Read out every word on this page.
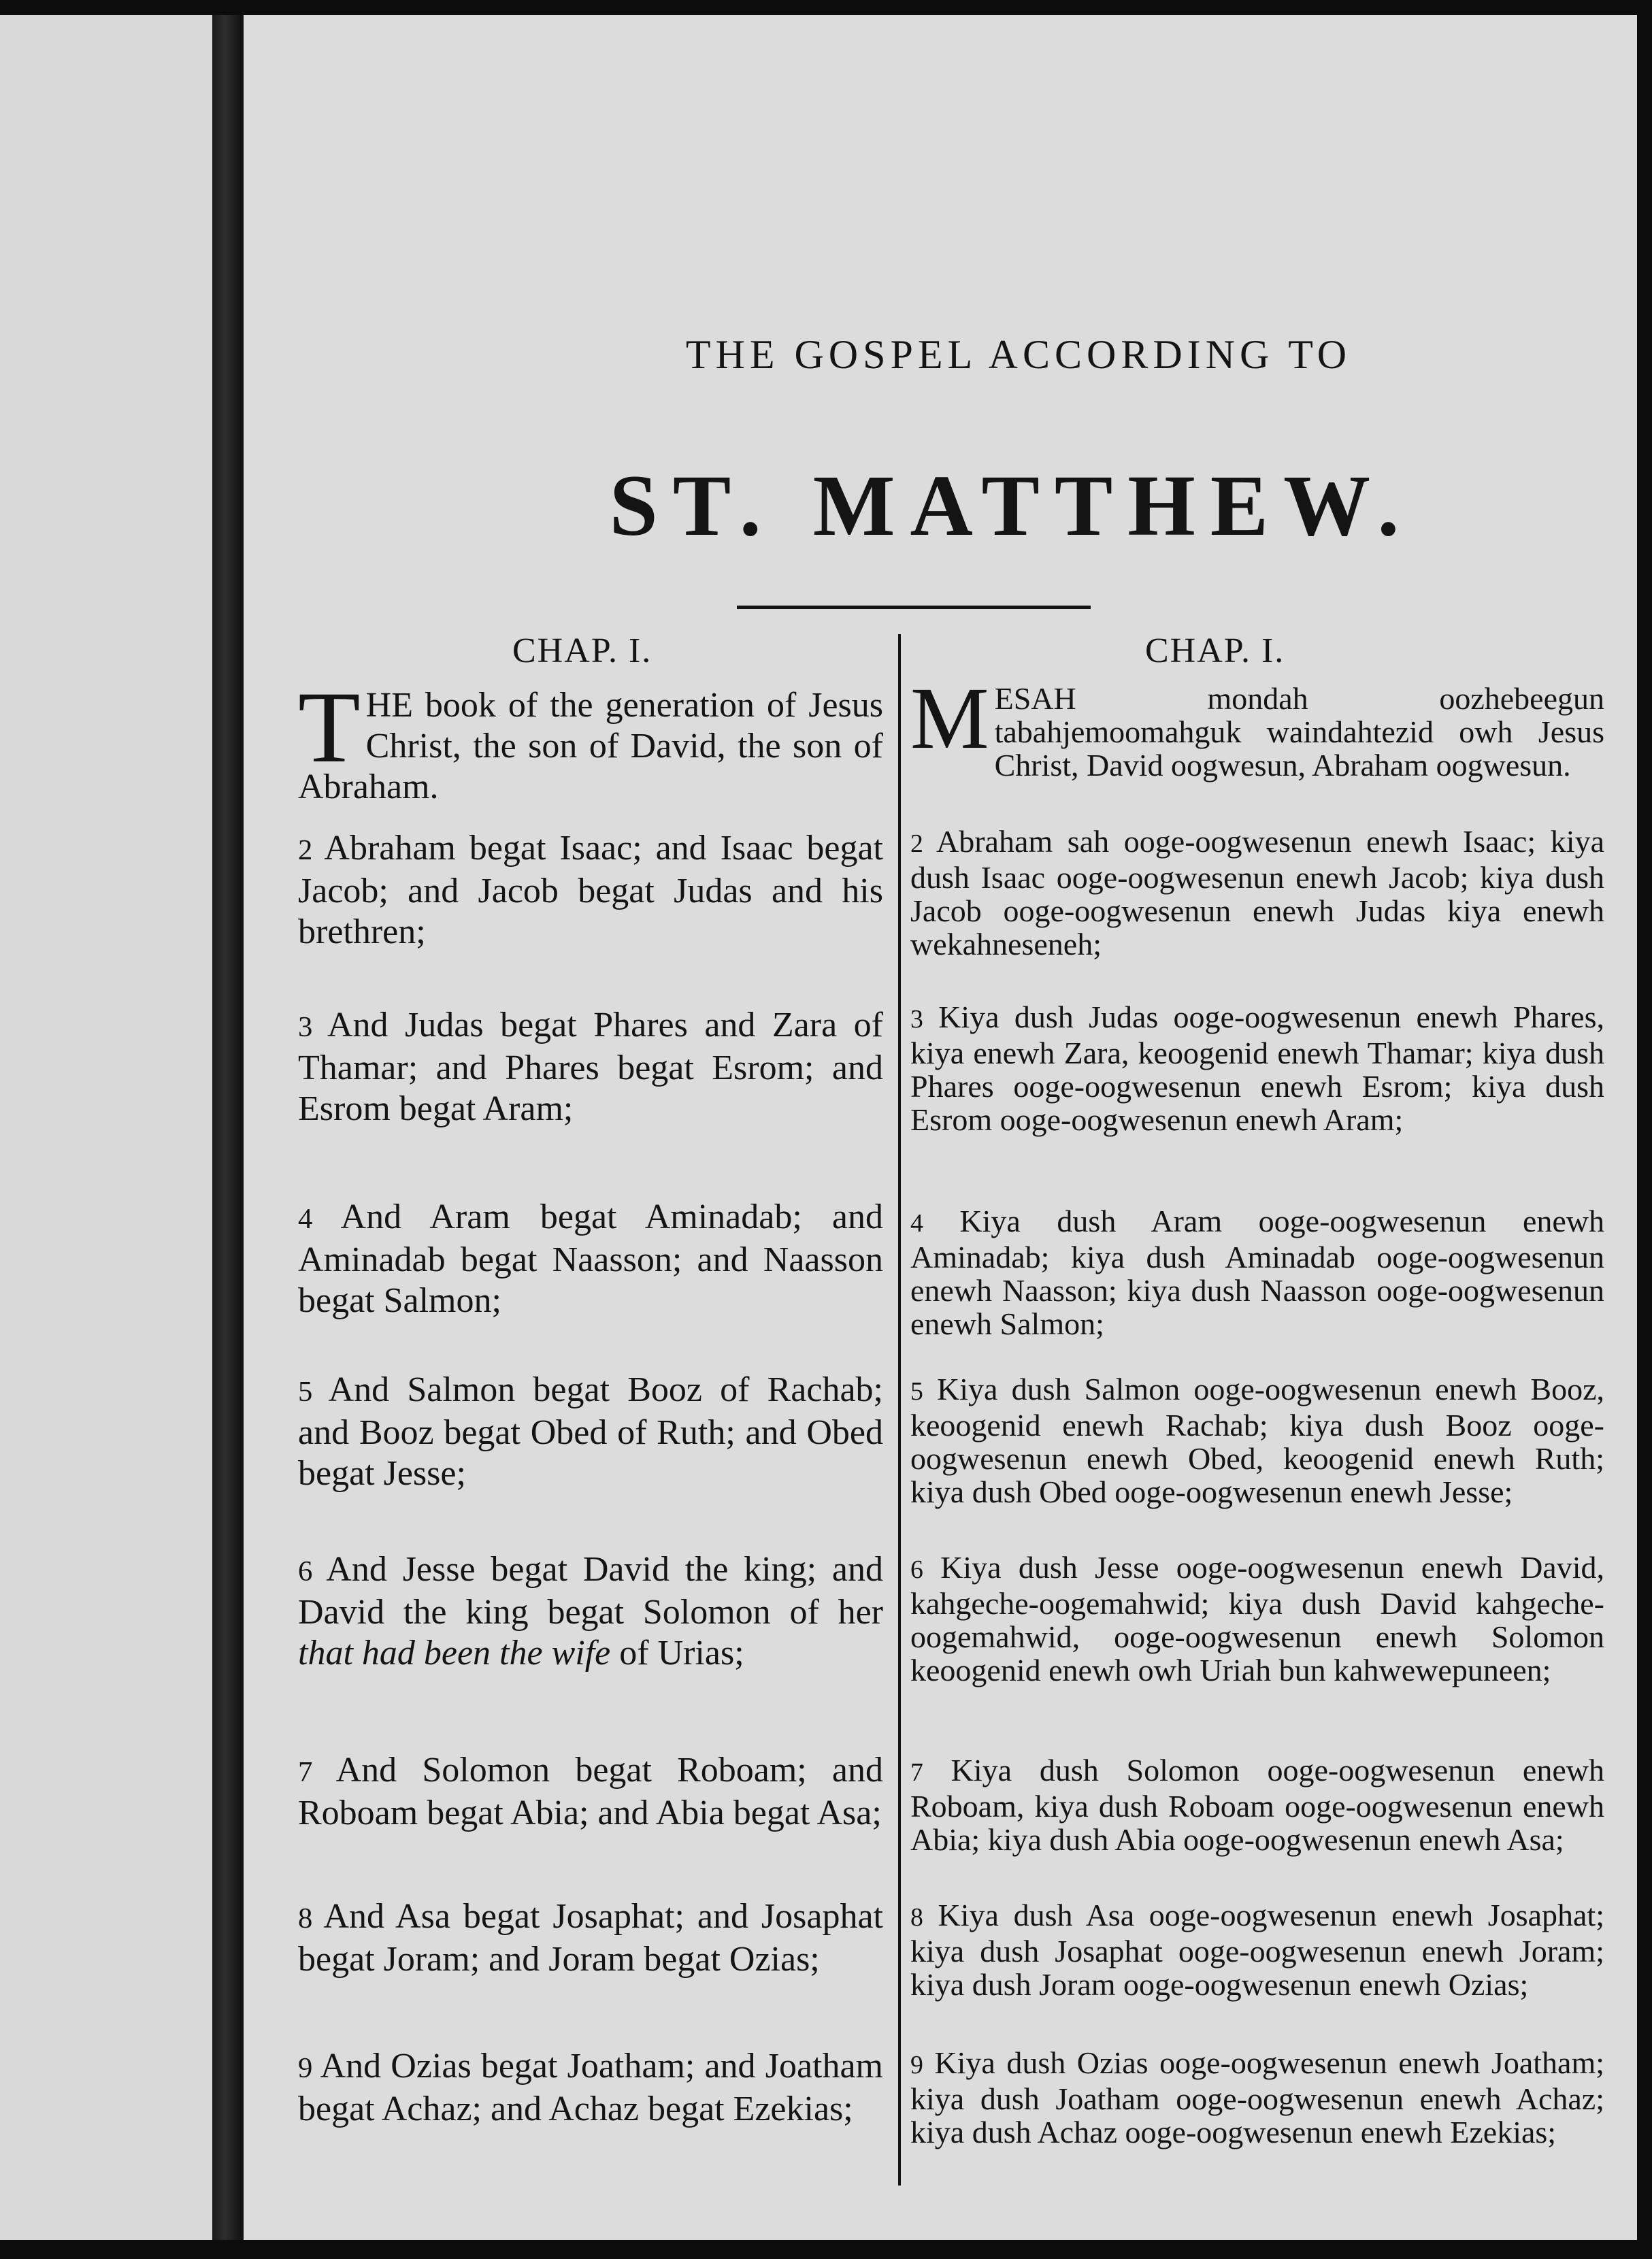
THE GOSPEL ACCORDING TO
ST. MATTHEW.
CHAP. I.
THE book of the generation of Jesus Christ, the son of David, the son of Abraham.
2 Abraham begat Isaac; and Isaac begat Jacob; and Jacob begat Judas and his brethren;
3 And Judas begat Phares and Zara of Thamar; and Phares begat Esrom; and Esrom begat Aram;
4 And Aram begat Aminadab; and Aminadab begat Naasson; and Naasson begat Salmon;
5 And Salmon begat Booz of Rachab; and Booz begat Obed of Ruth; and Obed begat Jesse;
6 And Jesse begat David the king; and David the king begat Solomon of her that had been the wife of Urias;
7 And Solomon begat Roboam; and Roboam begat Abia; and Abia begat Asa;
8 And Asa begat Josaphat; and Josaphat begat Joram; and Joram begat Ozias;
9 And Ozias begat Joatham; and Joatham begat Achaz; and Achaz begat Ezekias;
CHAP. I.
MESAH mondah oozhebeegun tabahjemoomahguk waindahtezid owh Jesus Christ, David oogwesun, Abraham oogwesun.
2 Abraham sah ooge-oogwesenun enewh Isaac; kiya dush Isaac ooge-oogwesenun enewh Jacob; kiya dush Jacob ooge-oogwesenun enewh Judas kiya enewh wekahneseneh;
3 Kiya dush Judas ooge-oogwesenun enewh Phares, kiya enewh Zara, keoogenid enewh Thamar; kiya dush Phares ooge-oogwesenun enewh Esrom; kiya dush Esrom ooge-oogwesenun enewh Aram;
4 Kiya dush Aram ooge-oogwesenun enewh Aminadab; kiya dush Aminadab ooge-oogwesenun enewh Naasson; kiya dush Naasson ooge-oogwesenun enewh Salmon;
5 Kiya dush Salmon ooge-oogwesenun enewh Booz, keoogenid enewh Rachab; kiya dush Booz ooge-oogwesenun enewh Obed, keoogenid enewh Ruth; kiya dush Obed ooge-oogwesenun enewh Jesse;
6 Kiya dush Jesse ooge-oogwesenun enewh David, kahgeche-oogemahwid; kiya dush David kahgeche-oogemahwid, ooge-oogwesenun enewh Solomon keoogenid enewh owh Uriah bun kahwewepuneen;
7 Kiya dush Solomon ooge-oogwesenun enewh Roboam, kiya dush Roboam ooge-oogwesenun enewh Abia; kiya dush Abia ooge-oogwesenun enewh Asa;
8 Kiya dush Asa ooge-oogwesenun enewh Josaphat; kiya dush Josaphat ooge-oogwesenun enewh Joram; kiya dush Joram ooge-oogwesenun enewh Ozias;
9 Kiya dush Ozias ooge-oogwesenun enewh Joatham; kiya dush Joatham ooge-oogwesenun enewh Achaz; kiya dush Achaz ooge-oogwesenun enewh Ezekias;
